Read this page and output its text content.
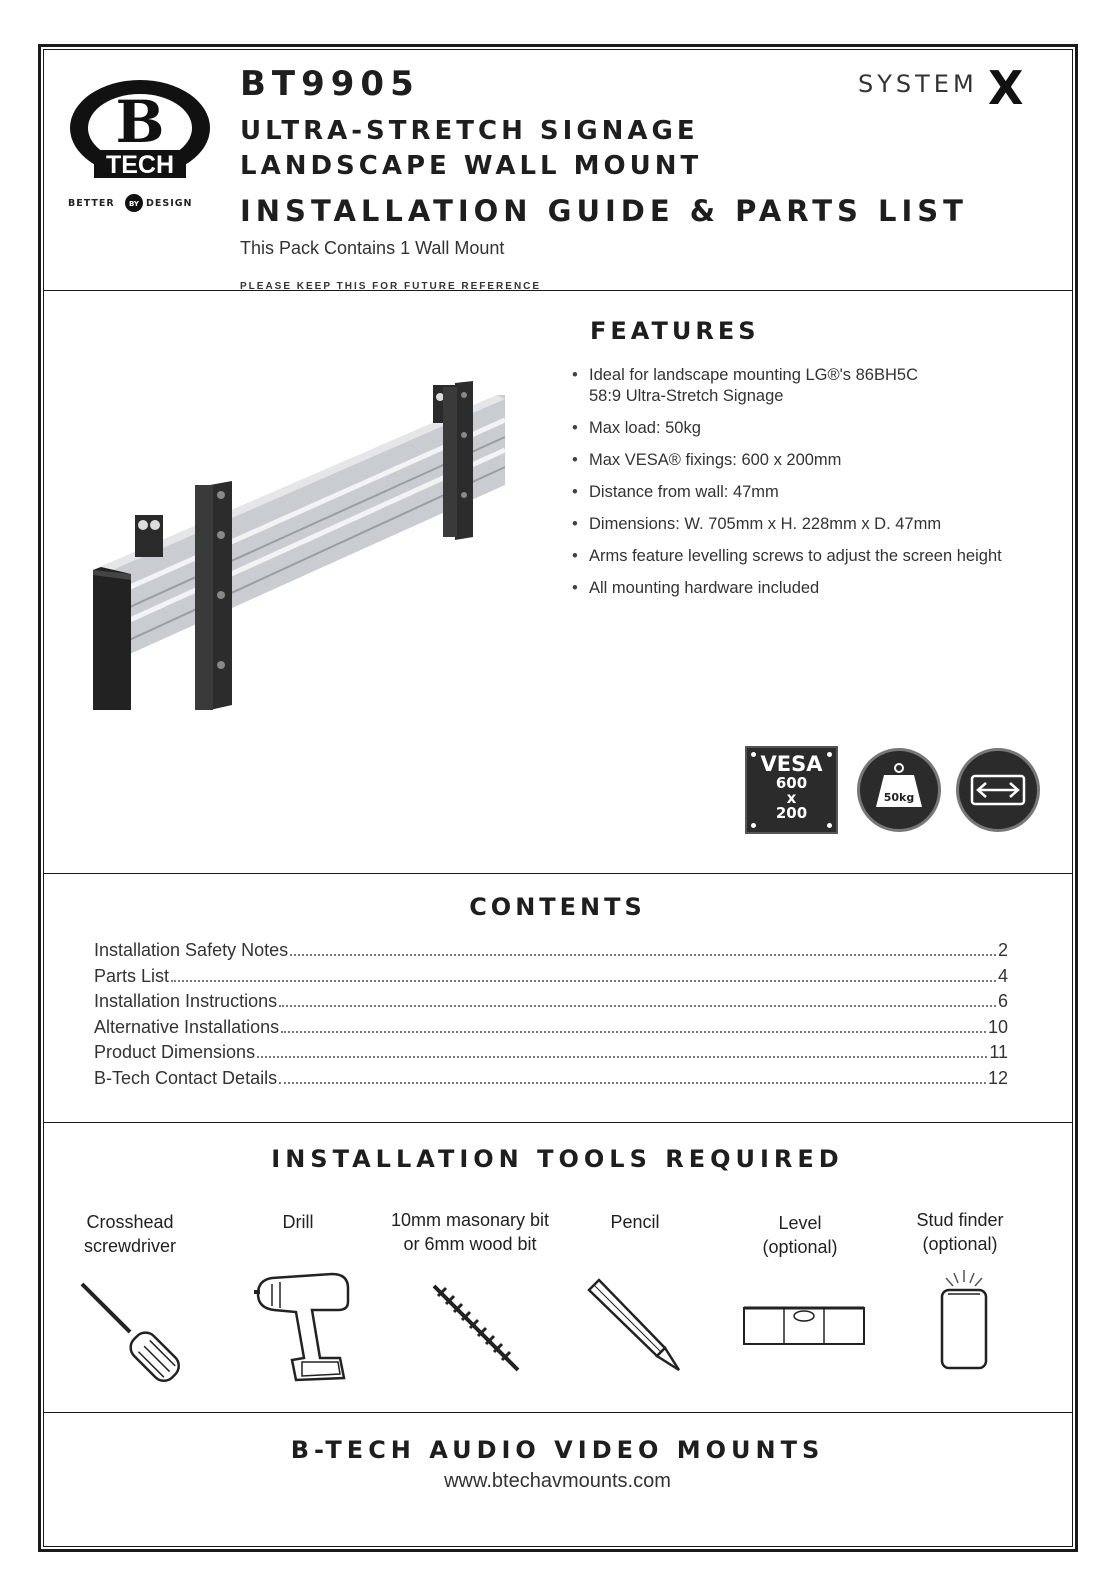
B
TECH
BETTER BY DESIGN
BT9905
ULTRA-STRETCH SIGNAGE
LANDSCAPE WALL MOUNT
INSTALLATION GUIDE & PARTS LIST
This Pack Contains 1 Wall Mount
PLEASE KEEP THIS FOR FUTURE REFERENCE
SYSTEM X
FEATURES
• Ideal for landscape mounting LG®'s 86BH5C
58:9 Ultra-Stretch Signage
• Max load: 50kg
• Max VESA® fixings: 600 x 200mm
• Distance from wall: 47mm
• Dimensions: W. 705mm x H. 228mm x D. 47mm
• Arms feature levelling screws to adjust the screen height
• All mounting hardware included
VESA
600
x
200
50kg
CONTENTS
Installation Safety Notes	2
Parts List	4
Installation Instructions	6
Alternative Installations	10
Product Dimensions	11
B-Tech Contact Details	12
INSTALLATION TOOLS REQUIRED
Crosshead
screwdriver
Drill	10mm masonary bit
or 6mm wood bit
Pencil	Level
(optional)
Stud finder
(optional)
B-TECH AUDIO VIDEO MOUNTS
www.btechavmounts.com
